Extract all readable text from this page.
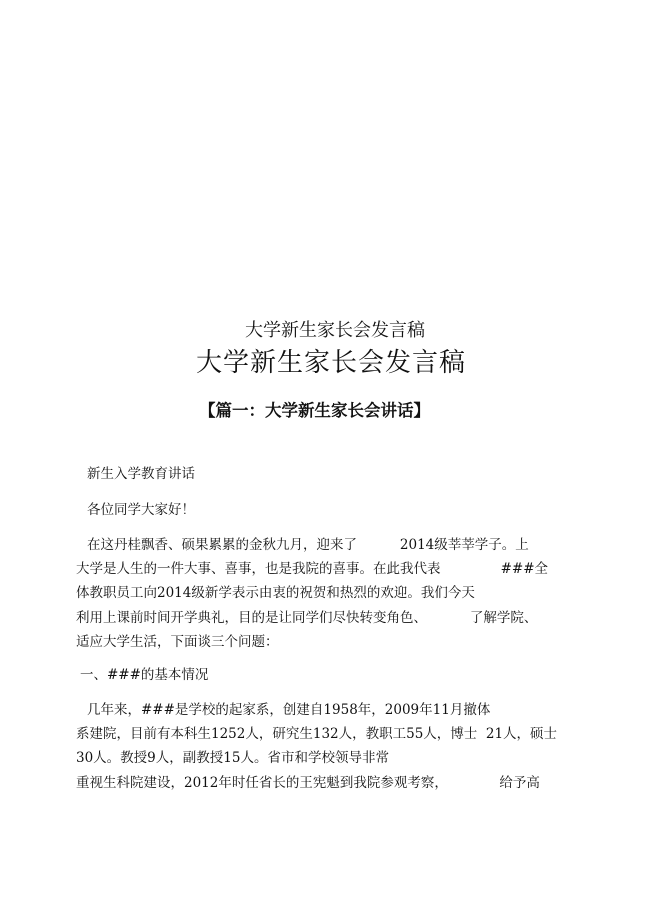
大学新生家长会发言稿
大学新生家长会发言稿
【篇一：大学新生家长会讲话】
新生入学教育讲话
各位同学大家好！
在这丹桂飘香、硕果累累的金秋九月，迎来了          2014级莘莘学子。上
大学是人生的一件大事、喜事，也是我院的喜事。在此我代表              ###全
体教职员工向2014级新学表示由衷的祝贺和热烈的欢迎。我们今天
利用上课前时间开学典礼，目的是让同学们尽快转变角色、          了解学院、
适应大学生活，下面谈三个问题：
一、###的基本情况
几年来，###是学校的起家系，创建自1958年，2009年11月撤体
系建院，目前有本科生1252人，研究生132人，教职工55人，博士  21人，硕士
30人。教授9人，副教授15人。省市和学校领导非常
重视生科院建设，2012年时任省长的王宪魁到我院参观考察，            给予高
